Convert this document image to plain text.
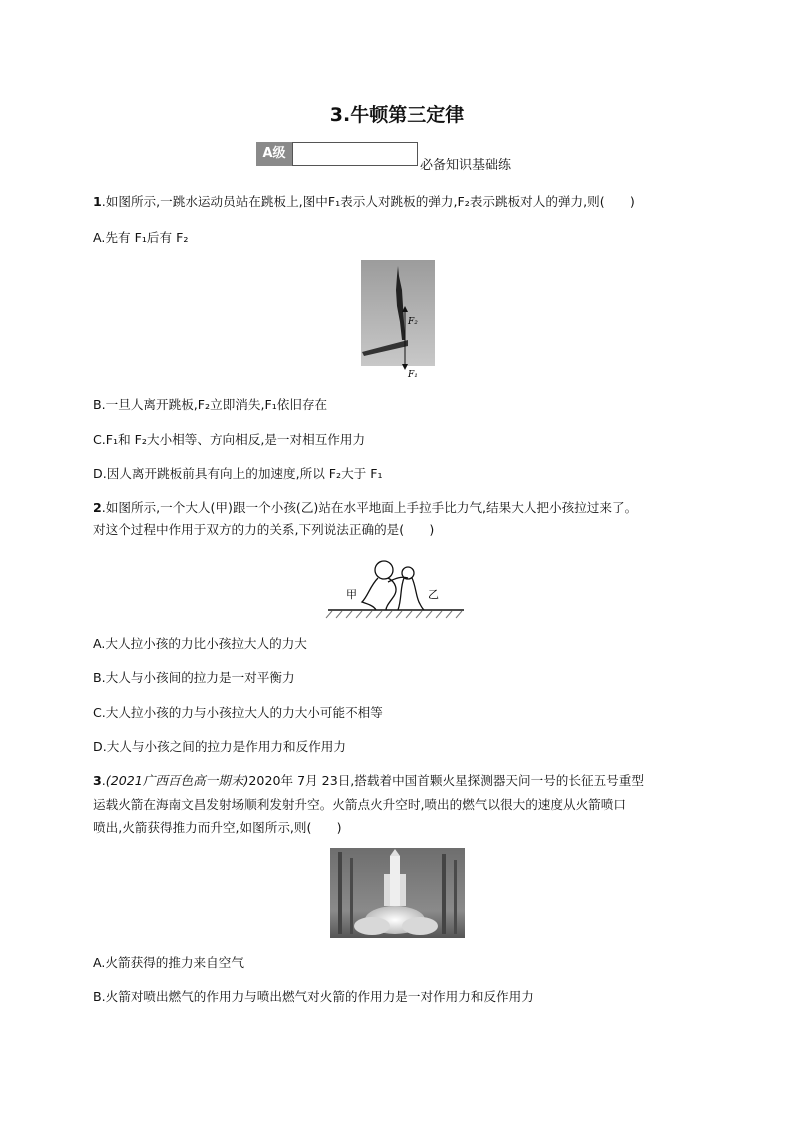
3.牛顿第三定律
A级
必备知识基础练
1.如图所示,一跳水运动员站在跳板上,图中F₁表示人对跳板的弹力,F₂表示跳板对人的弹力,则(　　)
A.先有 F₁后有 F₂
F₂
F₁
B.一旦人离开跳板,F₂立即消失,F₁依旧存在
C.F₁和 F₂大小相等、方向相反,是一对相互作用力
D.因人离开跳板前具有向上的加速度,所以 F₂大于 F₁
2.如图所示,一个大人(甲)跟一个小孩(乙)站在水平地面上手拉手比力气,结果大人把小孩拉过来了。
对这个过程中作用于双方的力的关系,下列说法正确的是(　　)
甲	乙
A.大人拉小孩的力比小孩拉大人的力大
B.大人与小孩间的拉力是一对平衡力
C.大人拉小孩的力与小孩拉大人的力大小可能不相等
D.大人与小孩之间的拉力是作用力和反作用力
3.(2021广西百色高一期末)2020年 7月 23日,搭载着中国首颗火星探测器天问一号的长征五号重型
运载火箭在海南文昌发射场顺利发射升空。火箭点火升空时,喷出的燃气以很大的速度从火箭喷口
喷出,火箭获得推力而升空,如图所示,则(　　)
A.火箭获得的推力来自空气
B.火箭对喷出燃气的作用力与喷出燃气对火箭的作用力是一对作用力和反作用力
